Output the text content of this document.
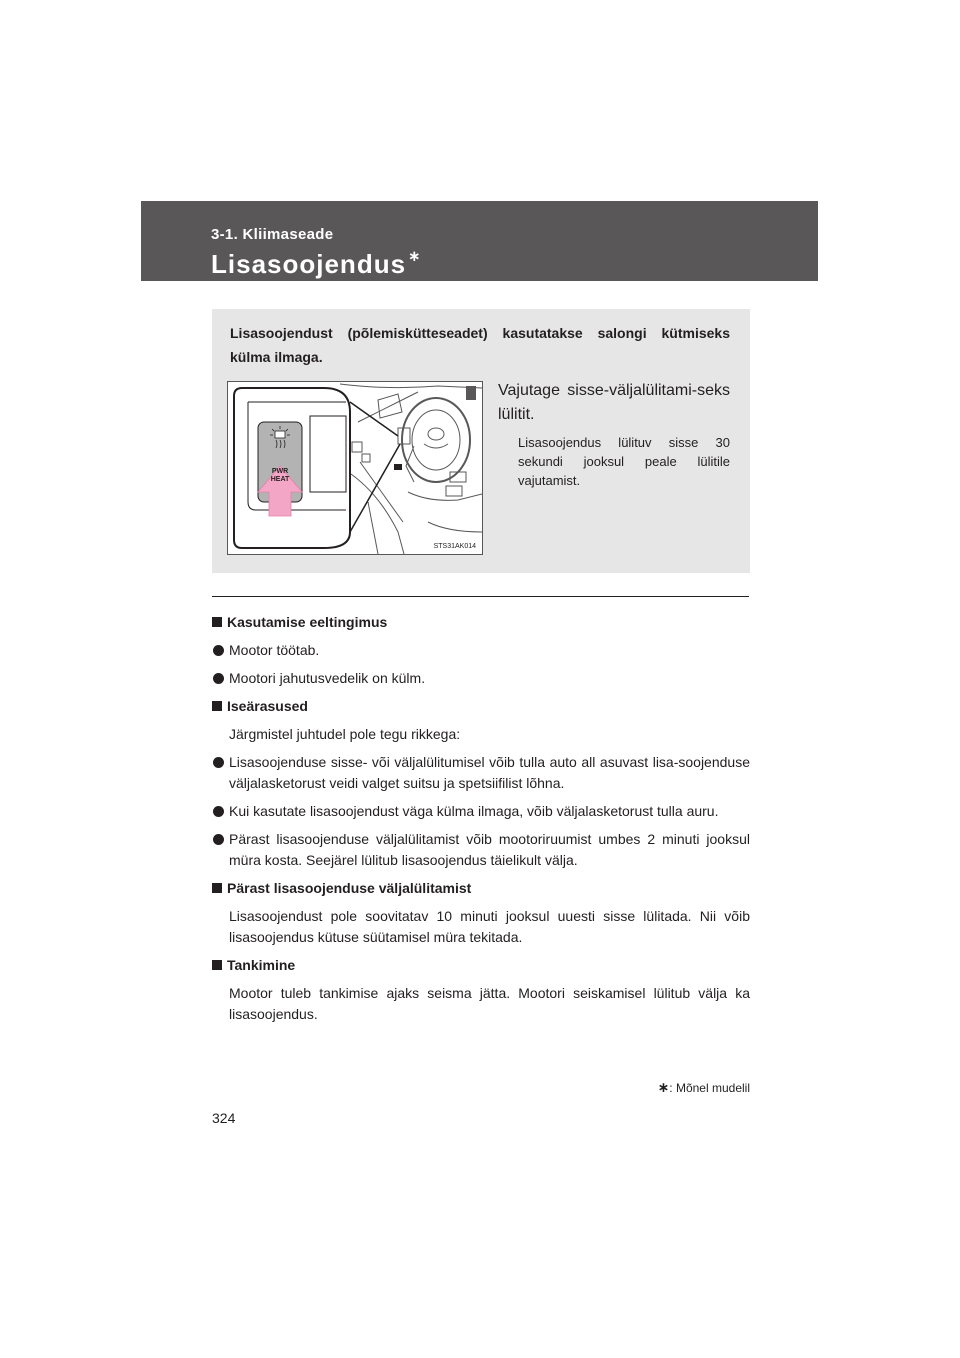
3-1. Kliimaseade
Lisasoojendus ∗
Lisasoojendust (põlemiskütteseadet) kasutatakse salongi kütmiseks külma ilmaga.
PWR
HEAT
STS31AK014
Vajutage sisse-väljalülitami-seks lülitit.
Lisasoojendus lülituv sisse 30 sekundi jooksul peale lülitile vajutamist.
Kasutamise eeltingimus
Mootor töötab.
Mootori jahutusvedelik on külm.
Iseärasused
Järgmistel juhtudel pole tegu rikkega:
Lisasoojenduse sisse- või väljalülitumisel võib tulla auto all asuvast lisa-soojenduse väljalasketorust veidi valget suitsu ja spetsiifilist lõhna.
Kui kasutate lisasoojendust väga külma ilmaga, võib väljalasketorust tulla auru.
Pärast lisasoojenduse väljalülitamist võib mootoriruumist umbes 2 minuti jooksul müra kosta. Seejärel lülitub lisasoojendus täielikult välja.
Pärast lisasoojenduse väljalülitamist
Lisasoojendust pole soovitatav 10 minuti jooksul uuesti sisse lülitada. Nii võib lisasoojendus kütuse süütamisel müra tekitada.
Tankimine
Mootor tuleb tankimise ajaks seisma jätta. Mootori seiskamisel lülitub välja ka lisasoojendus.
∗: Mõnel mudelil
324
